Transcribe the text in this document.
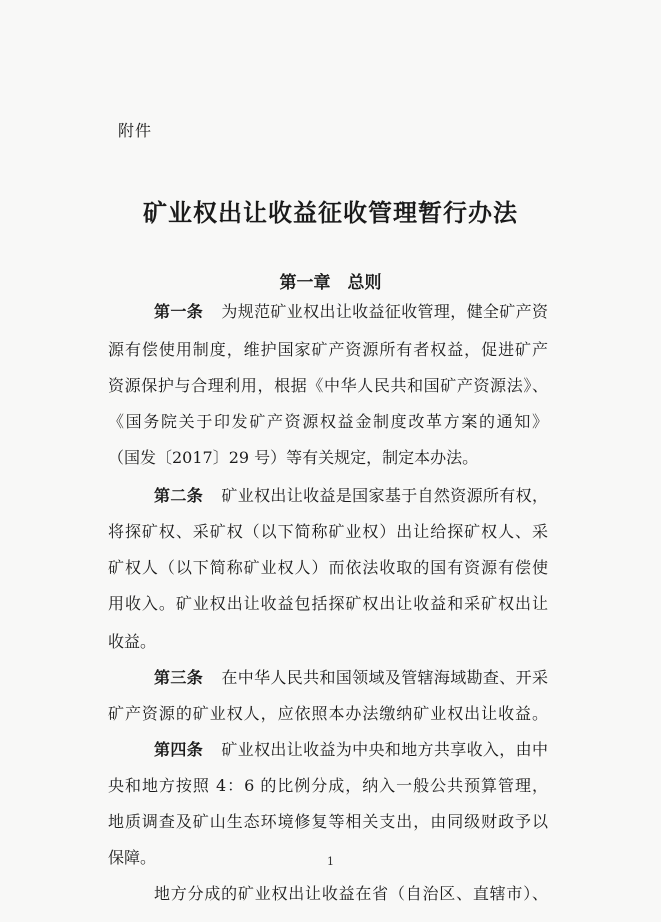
附件
矿业权出让收益征收管理暂行办法
第一章　总则
第一条 为规范矿业权出让收益征收管理，健全矿产资
源有偿使用制度，维护国家矿产资源所有者权益，促进矿产
资源保护与合理利用，根据《中华人民共和国矿产资源法》、
《国务院关于印发矿产资源权益金制度改革方案的通知》
（国发〔2017〕29 号）等有关规定，制定本办法。
第二条 矿业权出让收益是国家基于自然资源所有权，
将探矿权、采矿权（以下简称矿业权）出让给探矿权人、采
矿权人（以下简称矿业权人）而依法收取的国有资源有偿使
用收入。矿业权出让收益包括探矿权出让收益和采矿权出让
收益。
第三条 在中华人民共和国领域及管辖海域勘查、开采
矿产资源的矿业权人，应依照本办法缴纳矿业权出让收益。
第四条 矿业权出让收益为中央和地方共享收入，由中
央和地方按照 4：6 的比例分成，纳入一般公共预算管理，
地质调查及矿山生态环境修复等相关支出，由同级财政予以
保障。
地方分成的矿业权出让收益在省（自治区、直辖市）、
1
